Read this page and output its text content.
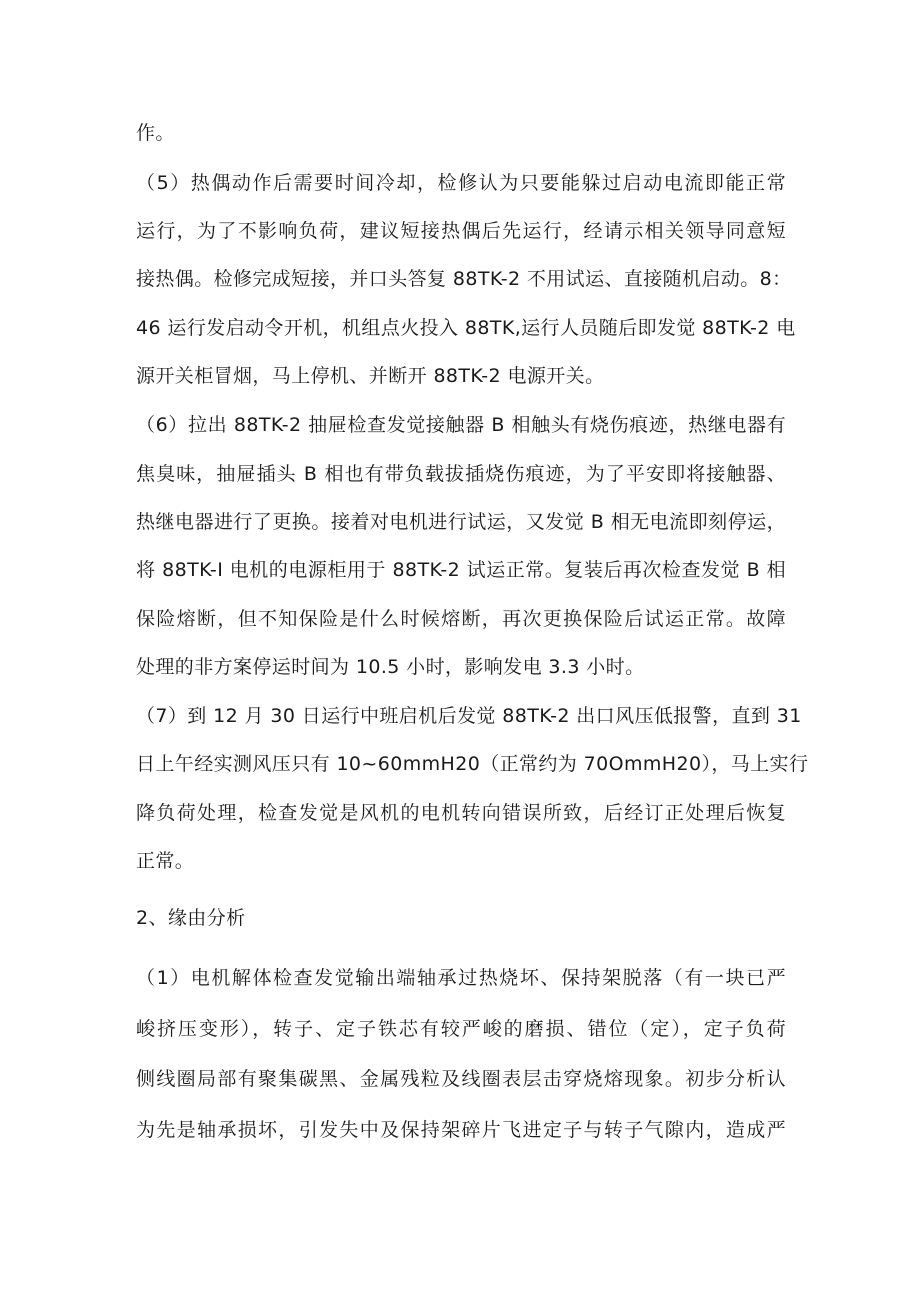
作。
（5）热偶动作后需要时间冷却，检修认为只要能躲过启动电流即能正常
运行，为了不影响负荷，建议短接热偶后先运行，经请示相关领导同意短
接热偶。检修完成短接，并口头答复 88TK-2 不用试运、直接随机启动。8：
46 运行发启动令开机，机组点火投入 88TK,运行人员随后即发觉 88TK-2 电
源开关柜冒烟，马上停机、并断开 88TK-2 电源开关。
（6）拉出 88TK-2 抽屉检查发觉接触器 B 相触头有烧伤痕迹，热继电器有
焦臭味，抽屉插头 B 相也有带负载拔插烧伤痕迹，为了平安即将接触器、
热继电器进行了更换。接着对电机进行试运，又发觉 B 相无电流即刻停运，
将 88TK-I 电机的电源柜用于 88TK-2 试运正常。复装后再次检查发觉 B 相
保险熔断，但不知保险是什么时候熔断，再次更换保险后试运正常。故障
处理的非方案停运时间为 10.5 小时，影响发电 3.3 小时。
（7）到 12 月 30 日运行中班启机后发觉 88TK-2 出口风压低报警，直到 31
日上午经实测风压只有 10~60mmH20（正常约为 70OmmH20），马上实行
降负荷处理，检查发觉是风机的电机转向错误所致，后经订正处理后恢复
正常。
2、缘由分析
（1）电机解体检查发觉输出端轴承过热烧坏、保持架脱落（有一块已严
峻挤压变形），转子、定子铁芯有较严峻的磨损、错位（定），定子负荷
侧线圈局部有聚集碳黑、金属残粒及线圈表层击穿烧熔现象。初步分析认
为先是轴承损坏，引发失中及保持架碎片飞进定子与转子气隙内，造成严
